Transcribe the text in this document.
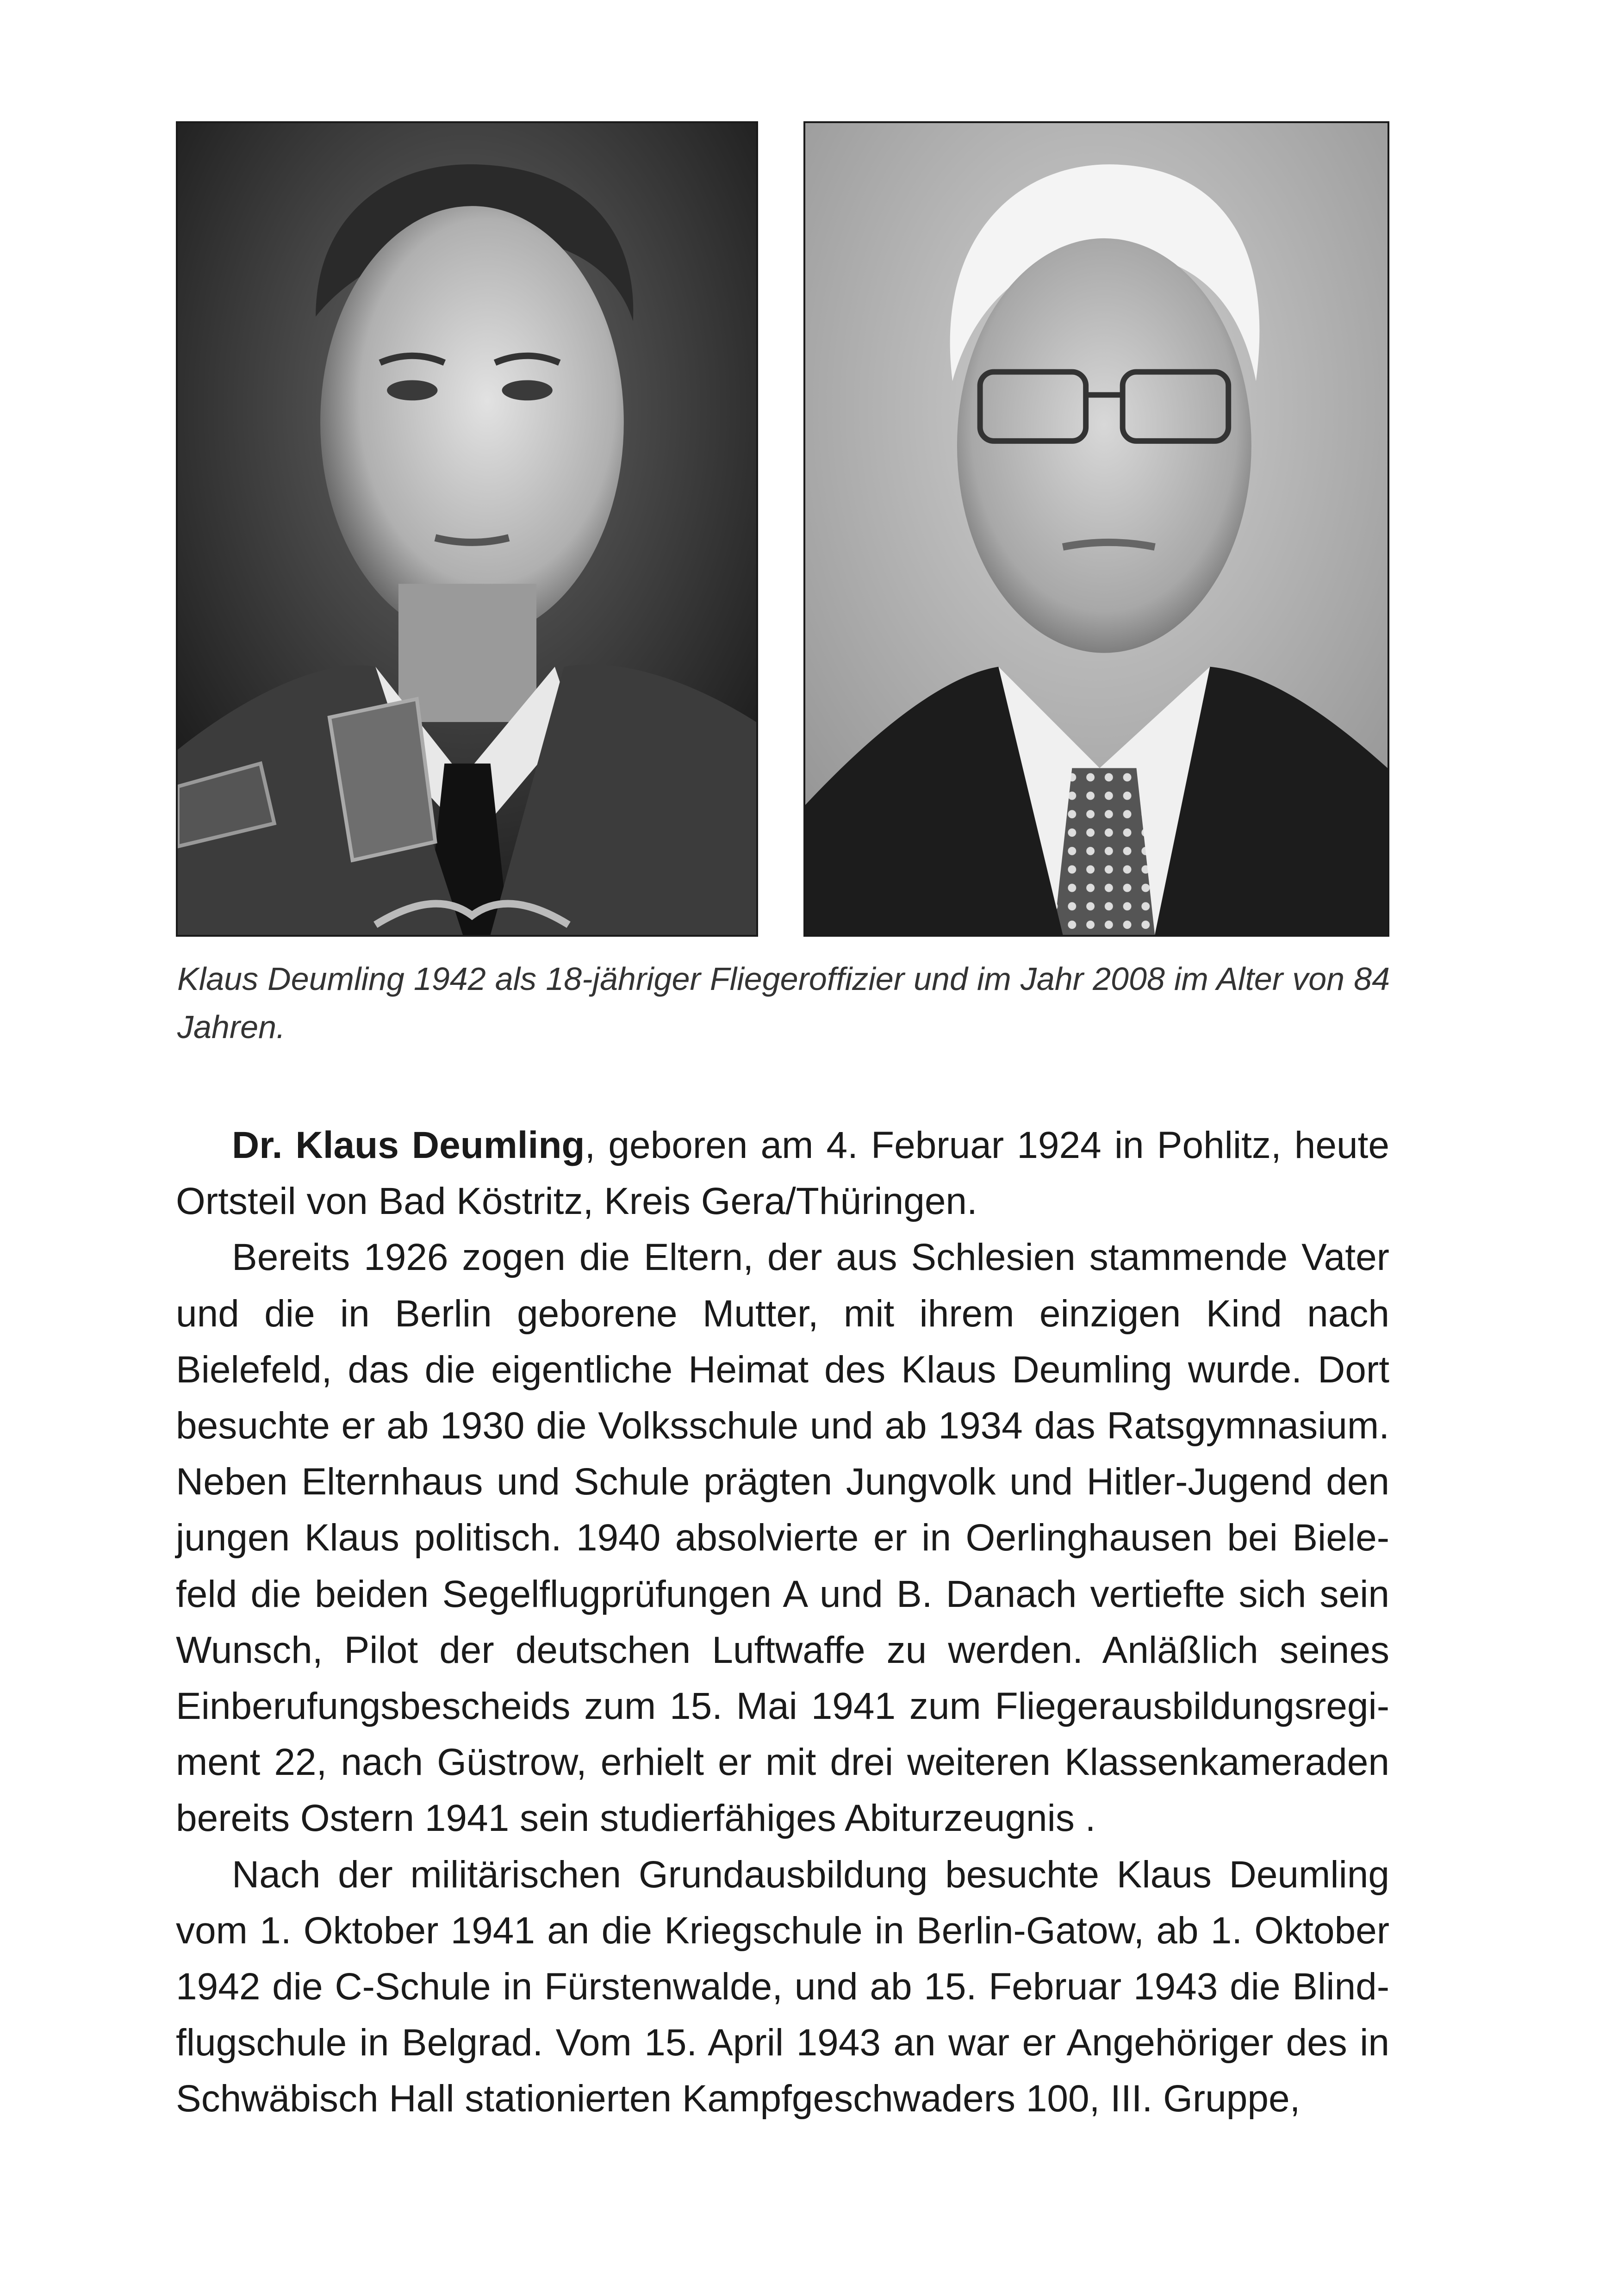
Klaus Deumling 1942 als 18-jähriger Fliegeroffizier und im Jahr 2008 im Alter von 84 Jahren.

Dr. Klaus Deumling, geboren am 4. Februar 1924 in Pohlitz, heute Ortsteil von Bad Köstritz, Kreis Gera/Thüringen.

Bereits 1926 zogen die Eltern, der aus Schlesien stammende Vater und die in Berlin geborene Mutter, mit ihrem einzigen Kind nach Bielefeld, das die eigentliche Heimat des Klaus Deumling wurde. Dort besuchte er ab 1930 die Volksschule und ab 1934 das Ratsgymnasium. Neben Elternhaus und Schule prägten Jungvolk und Hitler-Jugend den jungen Klaus politisch. 1940 absolvierte er in Oerlinghausen bei Bielefeld die beiden Segelflugprüfungen A und B. Danach vertiefte sich sein Wunsch, Pilot der deutschen Luftwaffe zu werden. Anläßlich seines Einberufungsbescheids zum 15. Mai 1941 zum Fliegerausbildungsregiment 22, nach Güstrow, erhielt er mit drei weiteren Klassenkameraden bereits Ostern 1941 sein studierfähiges Abiturzeugnis .

Nach der militärischen Grundausbildung besuchte Klaus Deumling vom 1. Oktober 1941 an die Kriegschule in Berlin-Gatow, ab 1. Oktober 1942 die C-Schule in Fürstenwalde, und ab 15. Februar 1943 die Blindflugschule in Belgrad. Vom 15. April 1943 an war er Angehöriger des in Schwäbisch Hall stationierten Kampfgeschwaders 100, III. Gruppe,
